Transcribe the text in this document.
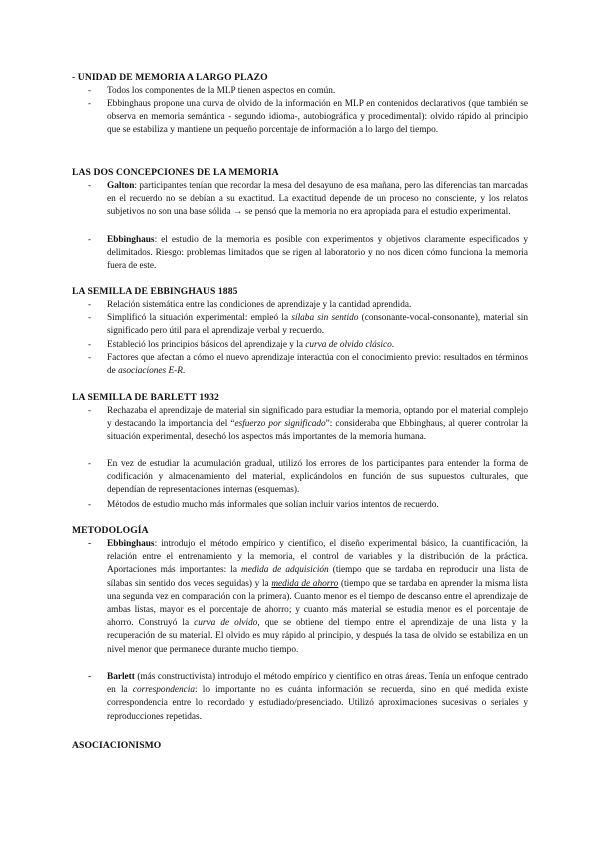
- UNIDAD DE MEMORIA A LARGO PLAZO
- Todos los componentes de la MLP tienen aspectos en común.
- Ebbinghaus propone una curva de olvido de la información en MLP en contenidos declarativos (que también se observa en memoria semántica - segundo idioma-, autobiográfica y procedimental): olvido rápido al principio que se estabiliza y mantiene un pequeño porcentaje de información a lo largo del tiempo.
LAS DOS CONCEPCIONES DE LA MEMORIA
- Galton: participantes tenían que recordar la mesa del desayuno de esa mañana, pero las diferencias tan marcadas en el recuerdo no se debían a su exactitud. La exactitud depende de un proceso no consciente, y los relatos subjetivos no son una base sólida → se pensó que la memoria no era apropiada para el estudio experimental.
- Ebbinghaus: el estudio de la memoria es posible con experimentos y objetivos claramente especificados y delimitados. Riesgo: problemas limitados que se rigen al laboratorio y no nos dicen cómo funciona la memoria fuera de este.
LA SEMILLA DE EBBINGHAUS 1885
- Relación sistemática entre las condiciones de aprendizaje y la cantidad aprendida.
- Simplificó la situación experimental: empleó la sílaba sin sentido (consonante-vocal-consonante), material sin significado pero útil para el aprendizaje verbal y recuerdo.
- Estableció los principios básicos del aprendizaje y la curva de olvido clásico.
- Factores que afectan a cómo el nuevo aprendizaje interactúa con el conocimiento previo: resultados en términos de asociaciones E-R.
LA SEMILLA DE BARLETT 1932
- Rechazaba el aprendizaje de material sin significado para estudiar la memoria, optando por el material complejo y destacando la importancia del “esfuerzo por significado”: consideraba que Ebbinghaus, al querer controlar la situación experimental, desechó los aspectos más importantes de la memoria humana.
- En vez de estudiar la acumulación gradual, utilizó los errores de los participantes para entender la forma de codificación y almacenamiento del material, explicándolos en función de sus supuestos culturales, que dependían de representaciones internas (esquemas).
- Métodos de estudio mucho más informales que solían incluir varios intentos de recuerdo.
METODOLOGÍA
- Ebbinghaus: introdujo el método empírico y científico, el diseño experimental básico, la cuantificación, la relación entre el entrenamiento y la memoria, el control de variables y la distribución de la práctica. Aportaciones más importantes: la medida de adquisición (tiempo que se tardaba en reproducir una lista de sílabas sin sentido dos veces seguidas) y la medida de ahorro (tiempo que se tardaba en aprender la misma lista una segunda vez en comparación con la primera). Cuanto menor es el tiempo de descanso entre el aprendizaje de ambas listas, mayor es el porcentaje de ahorro; y cuanto más material se estudia menor es el porcentaje de ahorro. Construyó la curva de olvido, que se obtiene del tiempo entre el aprendizaje de una lista y la recuperación de su material. El olvido es muy rápido al principio, y después la tasa de olvido se estabiliza en un nivel menor que permanece durante mucho tiempo.
- Barlett (más constructivista) introdujo el método empírico y científico en otras áreas. Tenía un enfoque centrado en la correspondencia: lo importante no es cuánta información se recuerda, sino en qué medida existe correspondencia entre lo recordado y estudiado/presenciado. Utilizó aproximaciones sucesivas o seriales y reproducciones repetidas.
ASOCIACIONISMO
